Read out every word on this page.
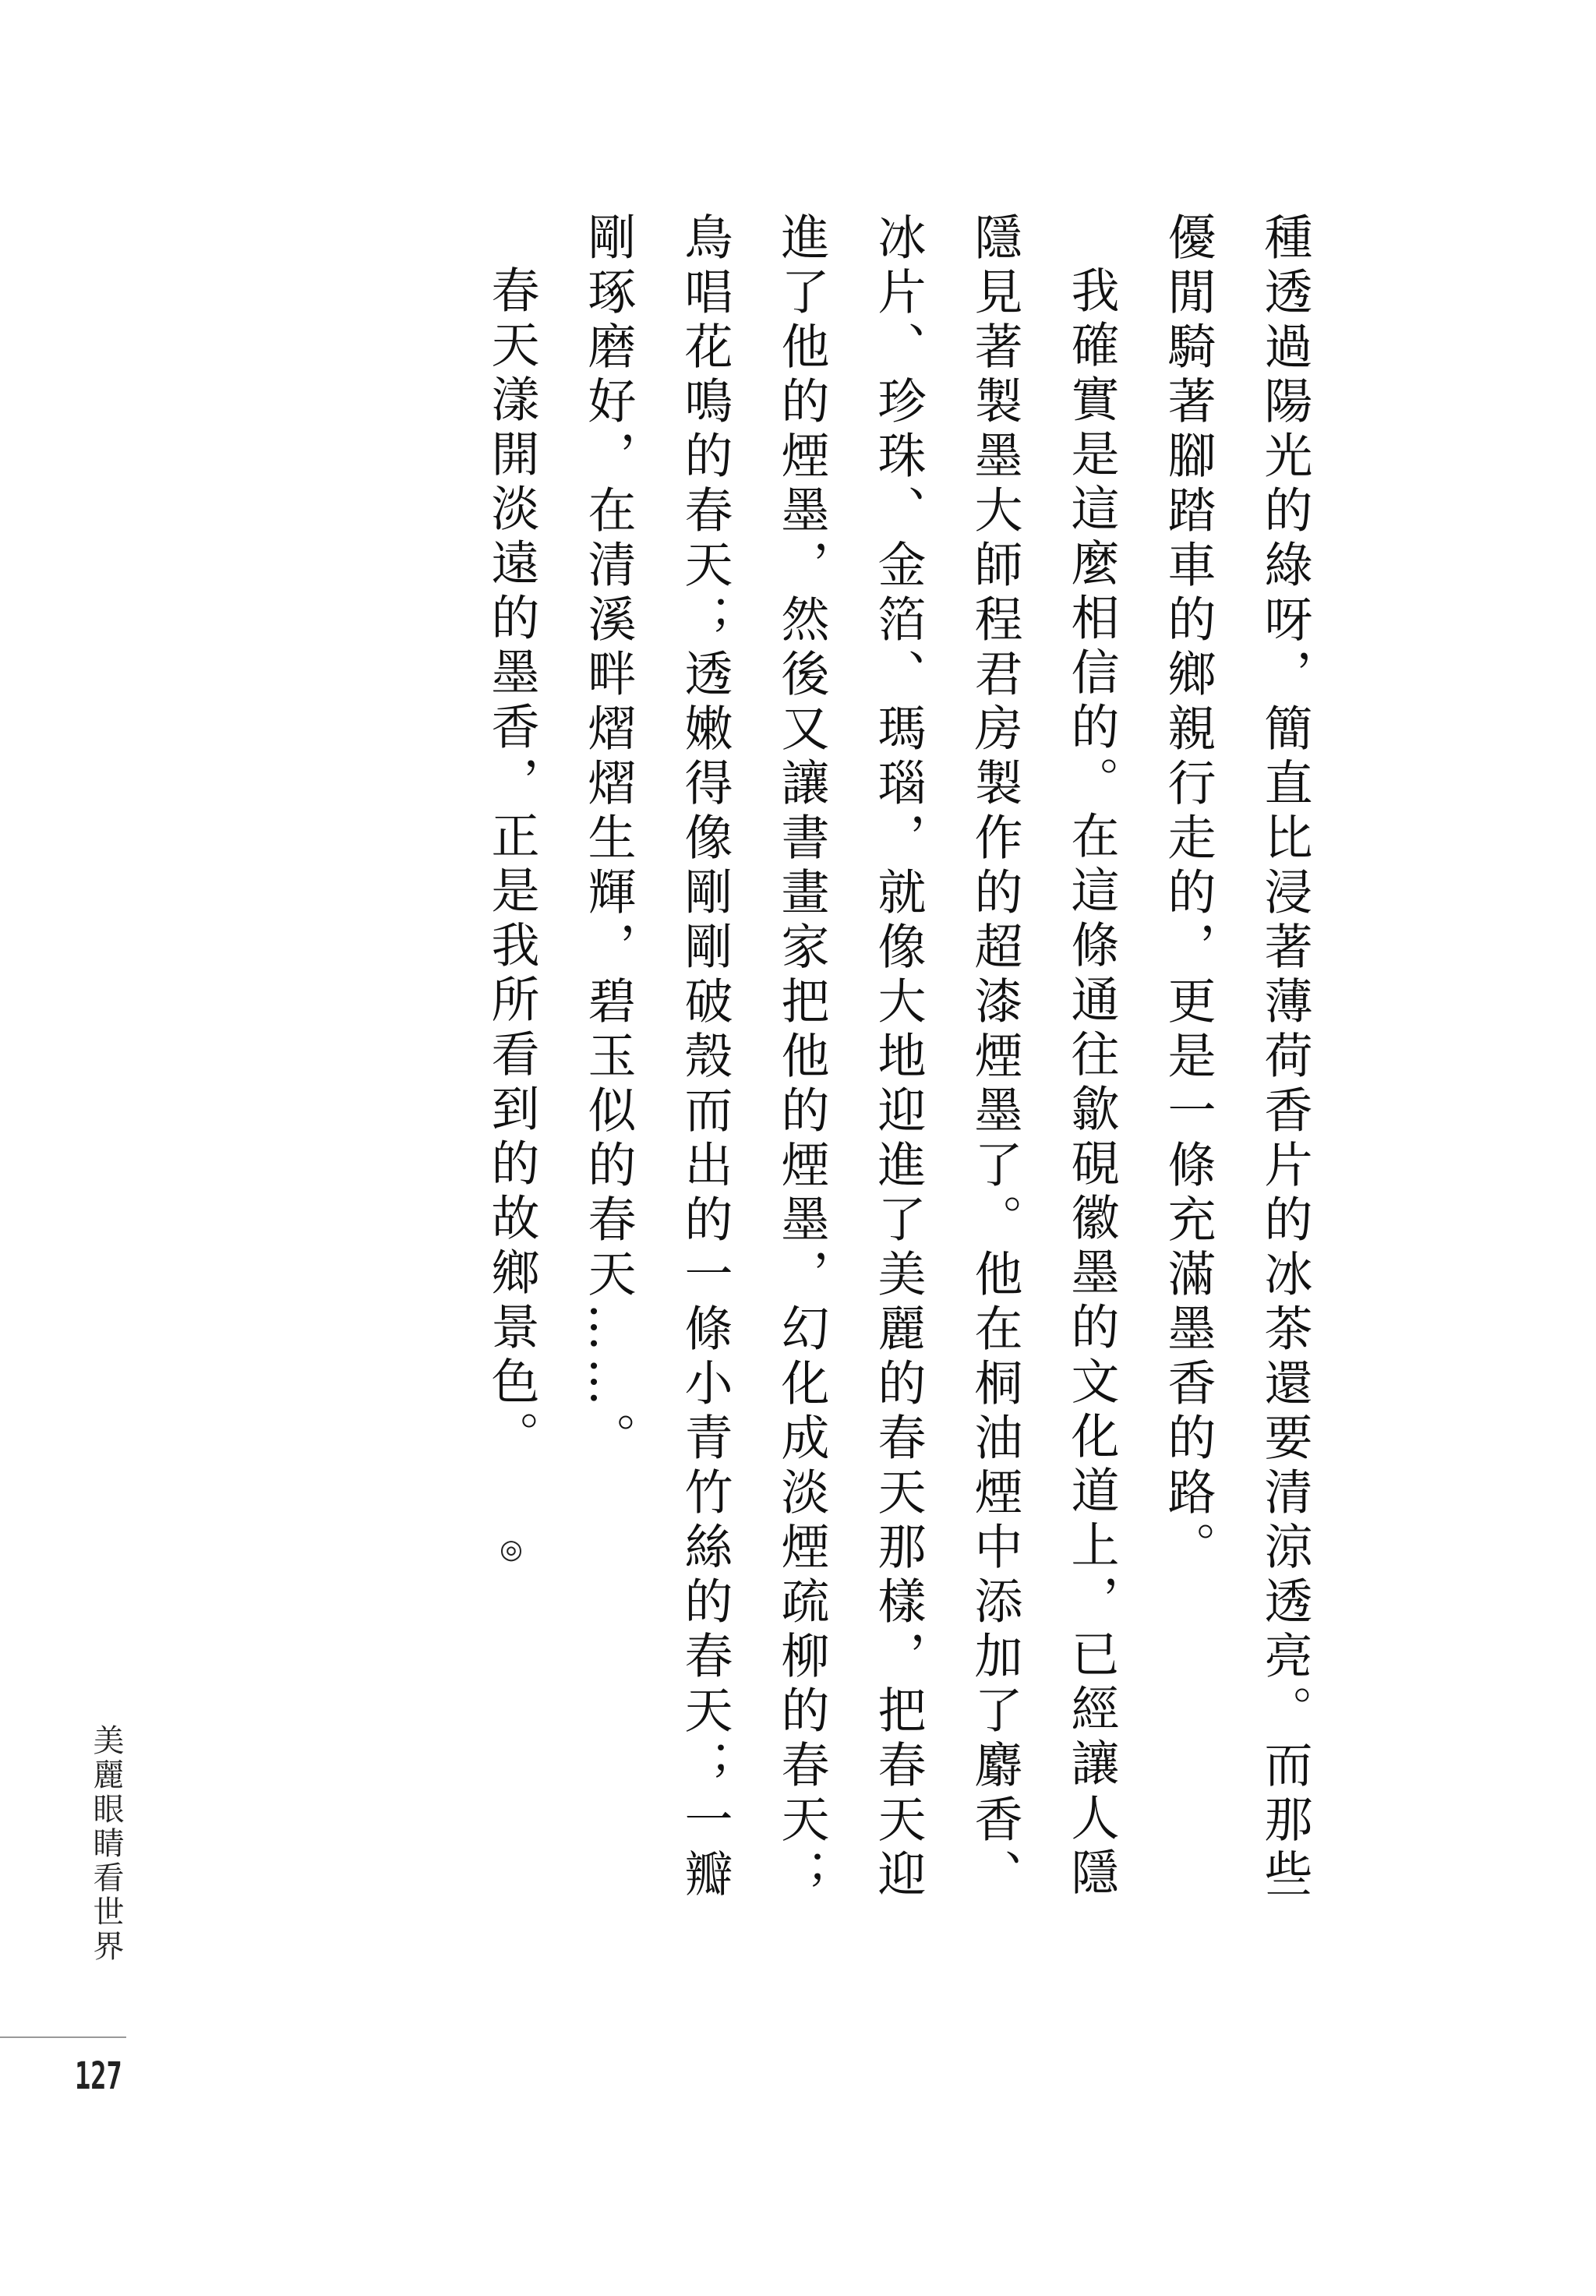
種透過陽光的綠呀，簡直比浸著薄荷香片的冰茶還要清涼透亮。而那些優閒騎著腳踏車的鄉親行走的，更是一條充滿墨香的路。

我確實是這麼相信的。在這條通往歙硯徽墨的文化道上，已經讓人隱隱見著製墨大師程君房製作的超漆煙墨了。他在桐油煙中添加了麝香、冰片、珍珠、金箔、瑪瑙，就像大地迎進了美麗的春天那樣，把春天迎進了他的煙墨，然後又讓書畫家把他的煙墨，幻化成淡煙疏柳的春天；鳥唱花鳴的春天；透嫩得像剛剛破殼而出的一條小青竹絲的春天；一瓣剛琢磨好，在清溪畔熠熠生輝，碧玉似的春天……。

春天漾開淡遠的墨香，正是我所看到的故鄉景色。◎

美麗眼睛看世界
127
